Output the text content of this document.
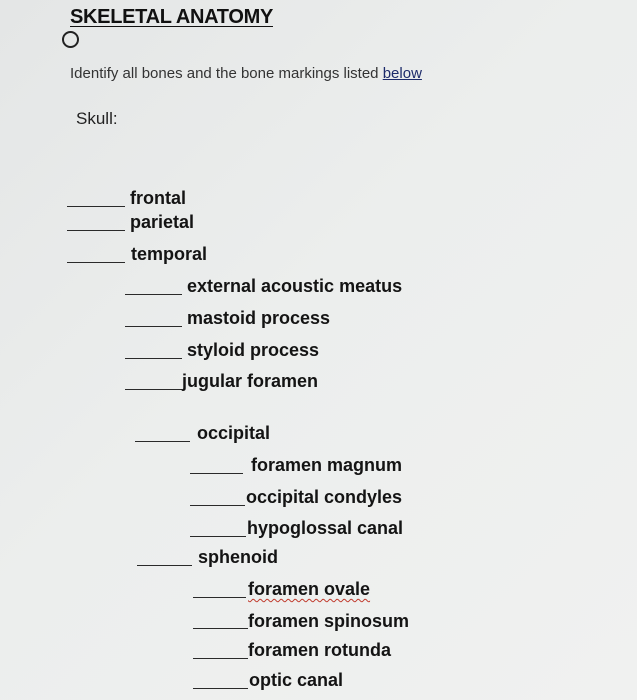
SKELETAL ANATOMY
Identify all bones and the bone markings listed below
Skull:
frontal
parietal
temporal
external acoustic meatus
mastoid process
styloid process
jugular foramen
occipital
foramen magnum
occipital condyles
hypoglossal canal
sphenoid
foramen ovale
foramen spinosum
foramen rotunda
optic canal
